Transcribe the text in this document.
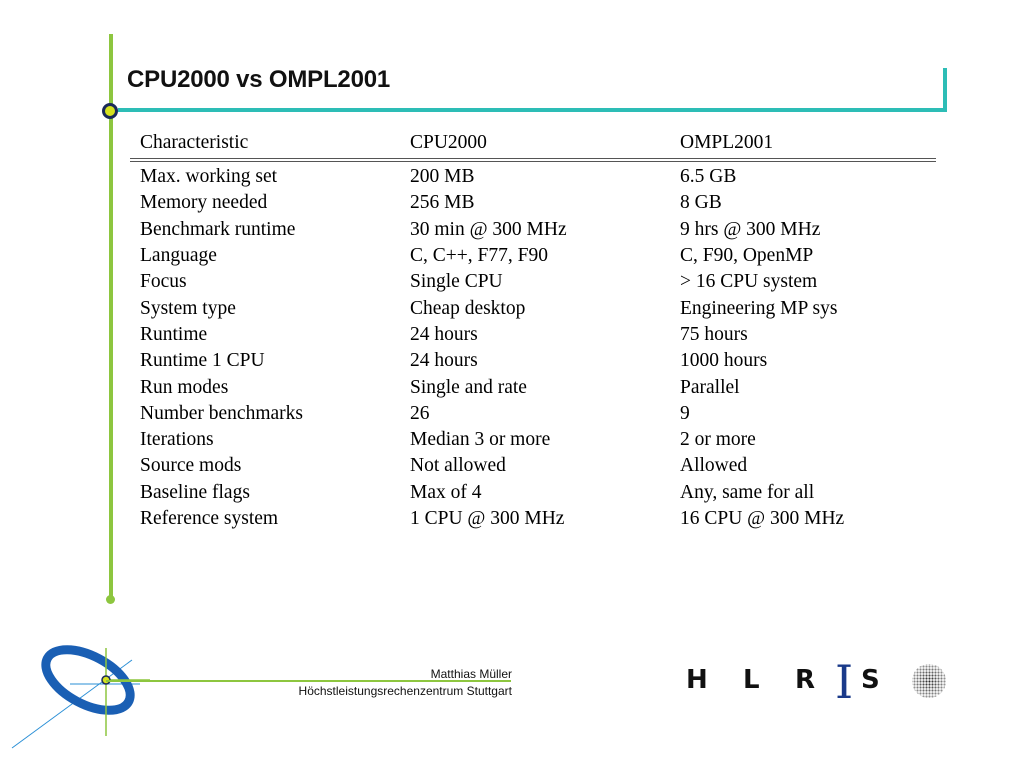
CPU2000 vs OMPL2001
Characteristic	CPU2000	OMPL2001
Max. working set	200 MB	6.5 GB
Memory needed	256 MB	8 GB
Benchmark runtime	30 min @ 300 MHz	9 hrs @ 300 MHz
Language	C, C++, F77, F90	C, F90, OpenMP
Focus	Single CPU	> 16 CPU system
System type	Cheap desktop	Engineering MP sys
Runtime	24 hours	75 hours
Runtime 1 CPU	24 hours	1000 hours
Run modes	Single and rate	Parallel
Number benchmarks	26	9
Iterations	Median 3 or more	2 or more
Source mods	Not allowed	Allowed
Baseline flags	Max of 4	Any, same for all
Reference system	1 CPU @ 300 MHz	16 CPU @ 300 MHz
Matthias Müller
Höchstleistungsrechenzentrum Stuttgart	H L R I S
